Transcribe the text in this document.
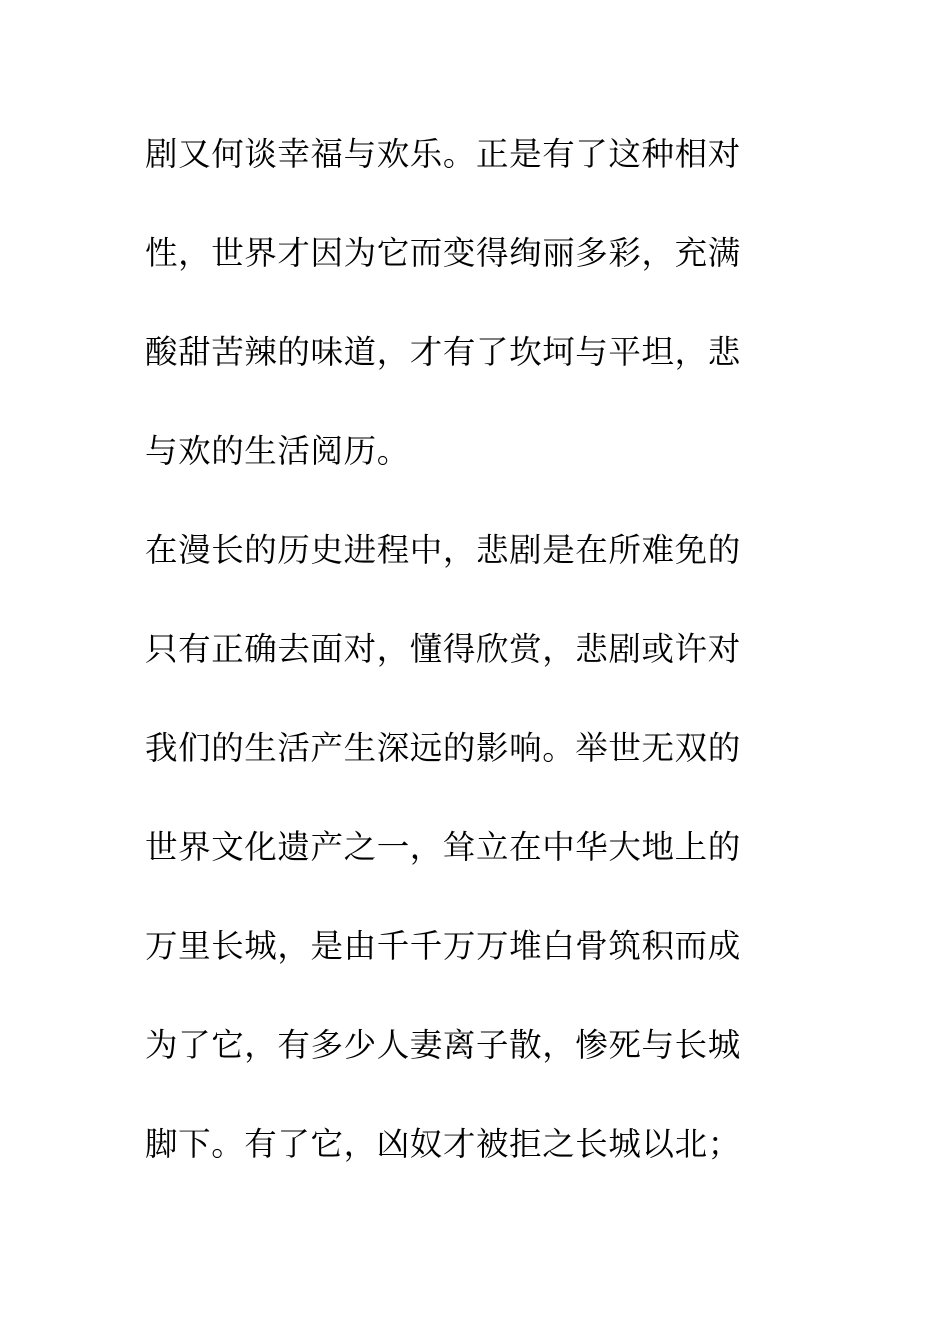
剧又何谈幸福与欢乐。正是有了这种相对
性，世界才因为它而变得绚丽多彩，充满
酸甜苦辣的味道，才有了坎坷与平坦，悲
与欢的生活阅历。
在漫长的历史进程中，悲剧是在所难免的
只有正确去面对，懂得欣赏，悲剧或许对
我们的生活产生深远的影响。举世无双的
世界文化遗产之一，耸立在中华大地上的
万里长城，是由千千万万堆白骨筑积而成
为了它，有多少人妻离子散，惨死与长城
脚下。有了它，凶奴才被拒之长城以北；
